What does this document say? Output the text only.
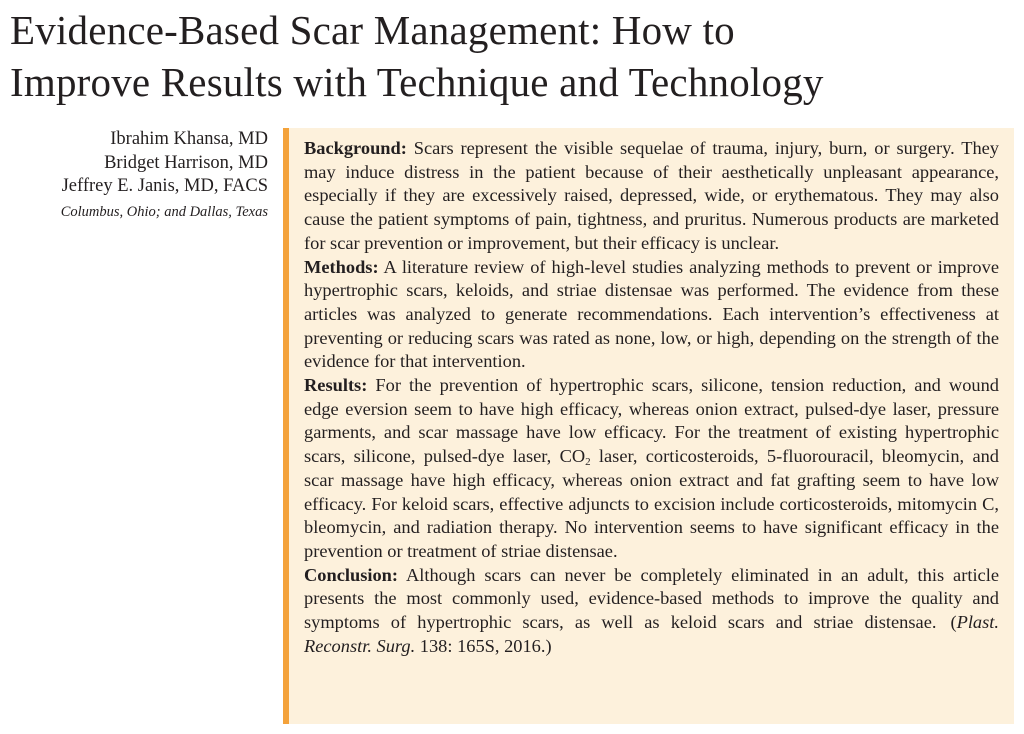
Evidence-Based Scar Management: How to
Improve Results with Technique and Technology
Ibrahim Khansa, MD
Bridget Harrison, MD
Jeffrey E. Janis, MD, FACS
Columbus, Ohio; and Dallas, Texas

Background: Scars represent the visible sequelae of trauma, injury, burn, or surgery. They may induce distress in the patient because of their aesthetically unpleasant appearance, especially if they are excessively raised, depressed, wide, or erythematous. They may also cause the patient symptoms of pain, tightness, and pruritus. Numerous products are marketed for scar prevention or improvement, but their efficacy is unclear.

Methods: A literature review of high-level studies analyzing methods to prevent or improve hypertrophic scars, keloids, and striae distensae was performed. The evidence from these articles was analyzed to generate recommendations. Each intervention’s effectiveness at preventing or reducing scars was rated as none, low, or high, depending on the strength of the evidence for that intervention.

Results: For the prevention of hypertrophic scars, silicone, tension reduction, and wound edge eversion seem to have high efficacy, whereas onion extract, pulsed-dye laser, pressure garments, and scar massage have low efficacy. For the treatment of existing hypertrophic scars, silicone, pulsed-dye laser, $CO_2$ laser, corticosteroids, 5-fluorouracil, bleomycin, and scar massage have high efficacy, whereas onion extract and fat grafting seem to have low efficacy. For keloid scars, effective adjuncts to excision include corticosteroids, mitomycin C, bleomycin, and radiation therapy. No intervention seems to have significant efficacy in the prevention or treatment of striae distensae.

Conclusion: Although scars can never be completely eliminated in an adult, this article presents the most commonly used, evidence-based methods to improve the quality and symptoms of hypertrophic scars, as well as keloid scars and striae distensae. (Plast. Reconstr. Surg. 138: 165S, 2016.)
